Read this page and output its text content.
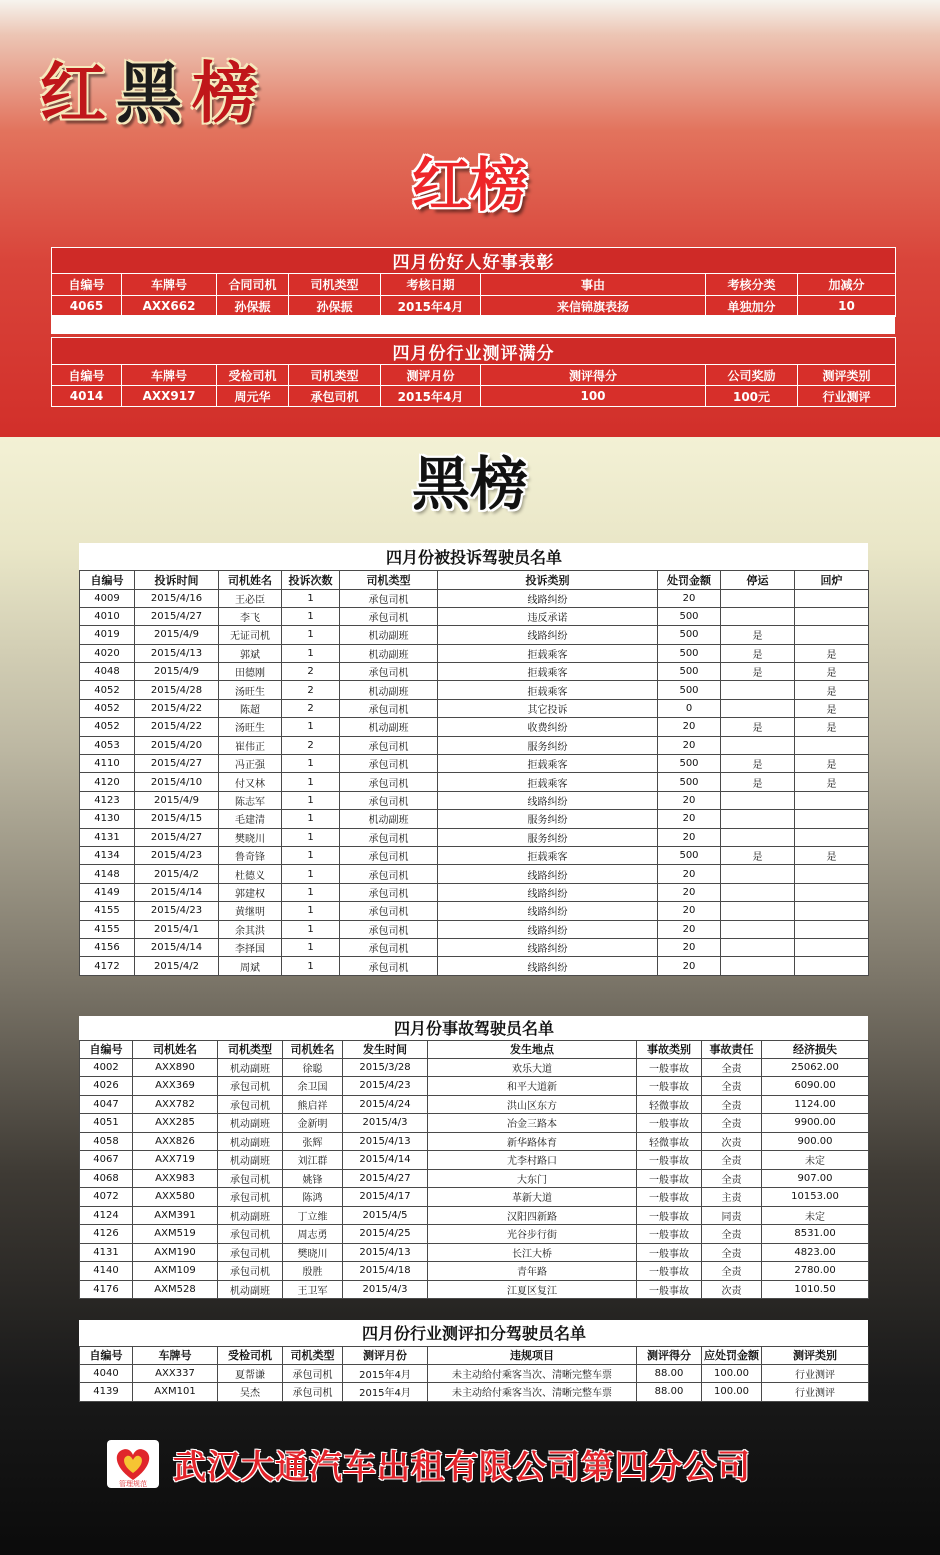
红黑榜
红榜
四月份好人好事表彰							
自编号	车牌号	合同司机	司机类型	考核日期	事由	考核分类	加减分
4065	AXX662	孙保振	孙保振	2015年4月	来信锦旗表扬	单独加分	10
四月份行业测评满分							
自编号	车牌号	受检司机	司机类型	测评月份	测评得分	公司奖励	测评类别
4014	AXX917	周元华	承包司机	2015年4月	100	100元	行业测评
黑榜
四月份被投诉驾驶员名单								
自编号	投诉时间	司机姓名	投诉次数	司机类型	投诉类别	处罚金额	停运	回炉
4009	2015/4/16	王必臣	1	承包司机	线路纠纷	20		
4010	2015/4/27	李飞	1	承包司机	违反承诺	500		
4019	2015/4/9	无证司机	1	机动副班	线路纠纷	500	是	
4020	2015/4/13	郭斌	1	机动副班	拒载乘客	500	是	是
4048	2015/4/9	田德刚	2	承包司机	拒载乘客	500	是	是
4052	2015/4/28	汤旺生	2	机动副班	拒载乘客	500		是
4052	2015/4/22	陈超	2	承包司机	其它投诉	0		是
4052	2015/4/22	汤旺生	1	机动副班	收费纠纷	20	是	是
4053	2015/4/20	崔伟正	2	承包司机	服务纠纷	20		
4110	2015/4/27	冯正强	1	承包司机	拒载乘客	500	是	是
4120	2015/4/10	付又林	1	承包司机	拒载乘客	500	是	是
4123	2015/4/9	陈志军	1	承包司机	线路纠纷	20		
4130	2015/4/15	毛建清	1	机动副班	服务纠纷	20		
4131	2015/4/27	樊晓川	1	承包司机	服务纠纷	20		
4134	2015/4/23	鲁奇锋	1	承包司机	拒载乘客	500	是	是
4148	2015/4/2	杜德义	1	承包司机	线路纠纷	20		
4149	2015/4/14	郭建权	1	承包司机	线路纠纷	20		
4155	2015/4/23	黄继明	1	承包司机	线路纠纷	20		
4155	2015/4/1	余其洪	1	承包司机	线路纠纷	20		
4156	2015/4/14	李择国	1	承包司机	线路纠纷	20		
4172	2015/4/2	周斌	1	承包司机	线路纠纷	20		
四月份事故驾驶员名单								
自编号	司机姓名	司机类型	司机姓名	发生时间	发生地点	事故类别	事故责任	经济损失
4002	AXX890	机动副班	徐聪	2015/3/28	欢乐大道	一般事故	全责	25062.00
4026	AXX369	承包司机	余卫国	2015/4/23	和平大道新	一般事故	全责	6090.00
4047	AXX782	承包司机	熊启祥	2015/4/24	洪山区东方	轻微事故	全责	1124.00
4051	AXX285	机动副班	金新明	2015/4/3	冶金三路本	一般事故	全责	9900.00
4058	AXX826	机动副班	张辉	2015/4/13	新华路体育	轻微事故	次责	900.00
4067	AXX719	机动副班	刘江群	2015/4/14	尤李村路口	一般事故	全责	未定
4068	AXX983	承包司机	姚锋	2015/4/27	大东门	一般事故	全责	907.00
4072	AXX580	承包司机	陈鸿	2015/4/17	革新大道	一般事故	主责	10153.00
4124	AXM391	机动副班	丁立维	2015/4/5	汉阳四新路	一般事故	同责	未定
4126	AXM519	承包司机	周志勇	2015/4/25	光谷步行街	一般事故	全责	8531.00
4131	AXM190	承包司机	樊晓川	2015/4/13	长江大桥	一般事故	全责	4823.00
4140	AXM109	承包司机	殷胜	2015/4/18	青年路	一般事故	全责	2780.00
4176	AXM528	机动副班	王卫军	2015/4/3	江夏区复江	一般事故	次责	1010.50
四月份行业测评扣分驾驶员名单								
自编号	车牌号	受检司机	司机类型	测评月份	违规项目	测评得分	应处罚金额	测评类别
4040	AXX337	夏帮谦	承包司机	2015年4月	未主动给付乘客当次、清晰完整车票	88.00	100.00	行业测评
4139	AXM101	吴杰	承包司机	2015年4月	未主动给付乘客当次、清晰完整车票	88.00	100.00	行业测评
管理规范 武汉大通汽车出租有限公司第四分公司
